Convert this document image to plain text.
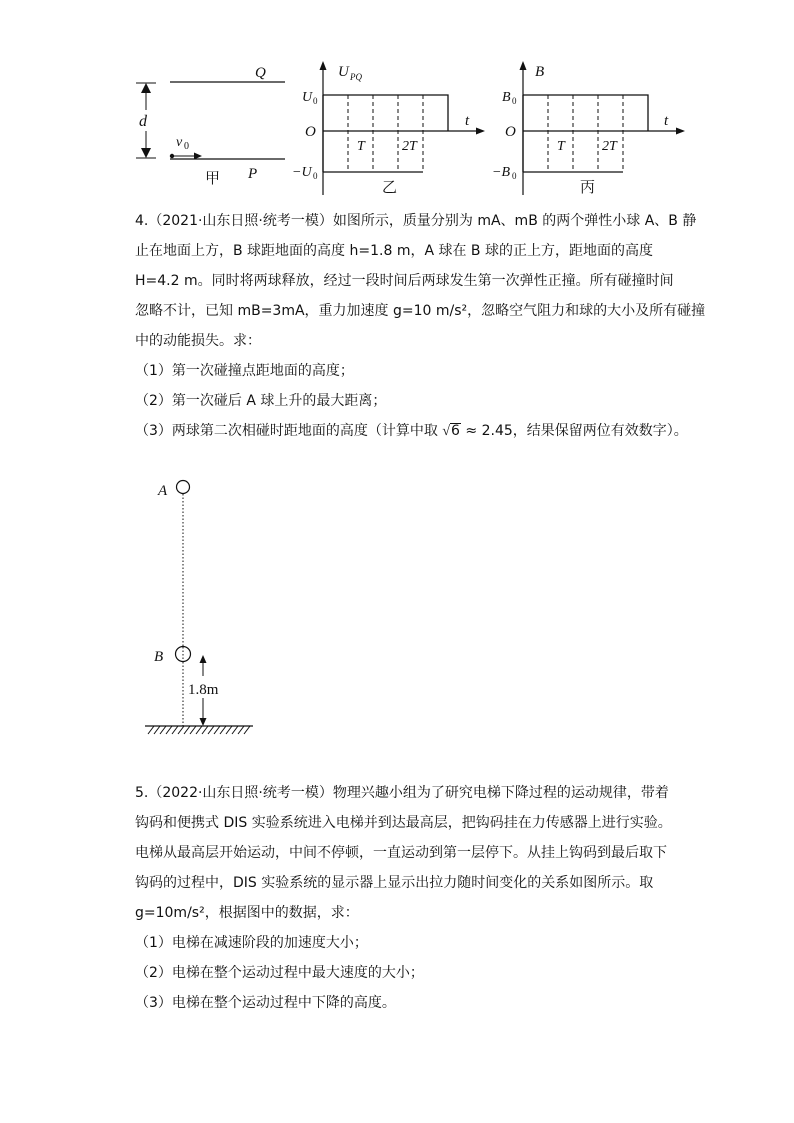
Q
P
d
v 0
甲
U PQ
t
O
U 0
−U 0
T	2T
乙
B
t
O
B 0
−B 0
T	2T
丙
4.（2021·山东日照·统考一模）如图所示，质量分别为 mA、mB 的两个弹性小球 A、B 静
止在地面上方，B 球距地面的高度 h=1.8 m，A 球在 B 球的正上方，距地面的高度
H=4.2 m。同时将两球释放，经过一段时间后两球发生第一次弹性正撞。所有碰撞时间
忽略不计，已知 mB=3mA，重力加速度 g=10 m/s²，忽略空气阻力和球的大小及所有碰撞
中的动能损失。求：
（1）第一次碰撞点距地面的高度；
（2）第一次碰后 A 球上升的最大距离；
（3）两球第二次相碰时距地面的高度（计算中取 √6 ≈ 2.45，结果保留两位有效数字）。
A
B
1.8m
5.（2022·山东日照·统考一模）物理兴趣小组为了研究电梯下降过程的运动规律，带着
钩码和便携式 DIS 实验系统进入电梯并到达最高层，把钩码挂在力传感器上进行实验。
电梯从最高层开始运动，中间不停顿，一直运动到第一层停下。从挂上钩码到最后取下
钩码的过程中，DIS 实验系统的显示器上显示出拉力随时间变化的关系如图所示。取
g=10m/s²，根据图中的数据，求：
（1）电梯在减速阶段的加速度大小；
（2）电梯在整个运动过程中最大速度的大小；
（3）电梯在整个运动过程中下降的高度。
